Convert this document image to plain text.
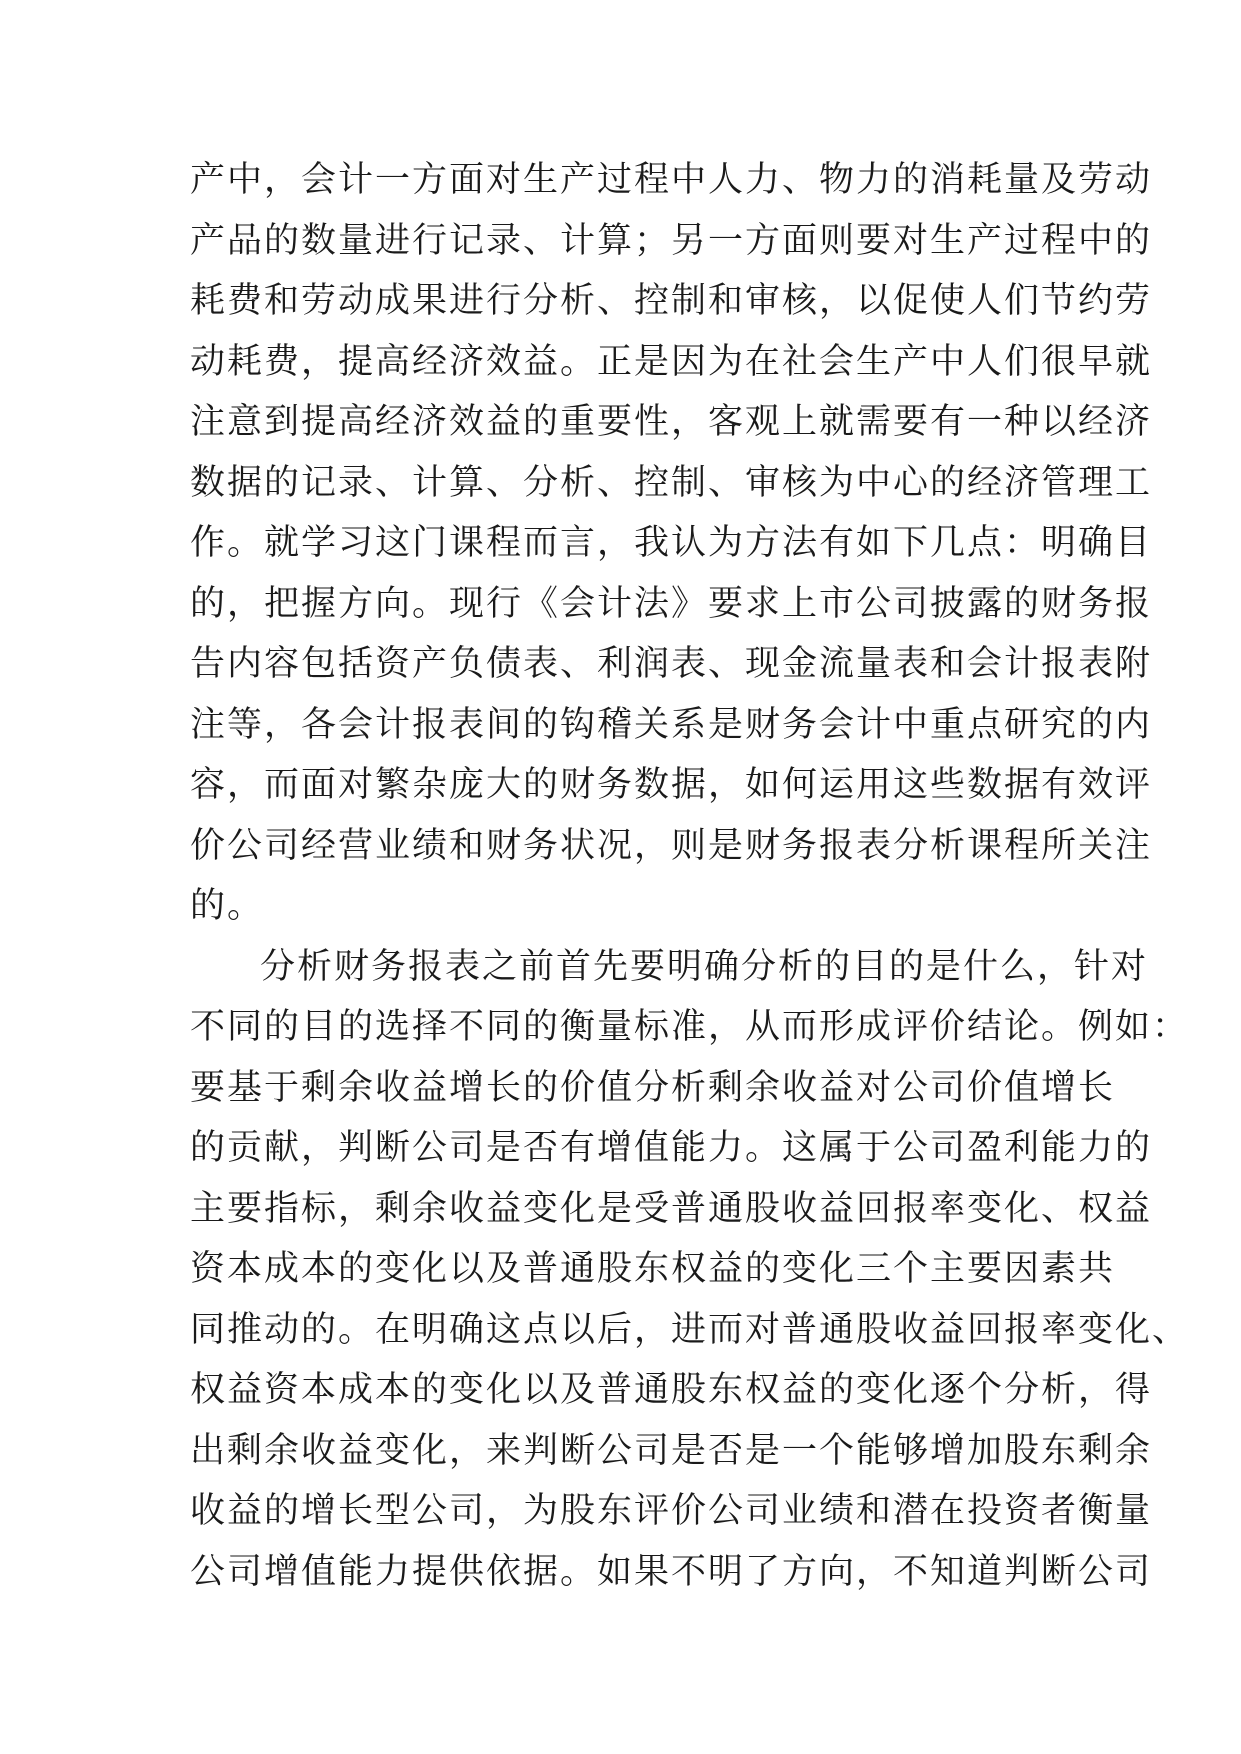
产中，会计一方面对生产过程中人力、物力的消耗量及劳动
产品的数量进行记录、计算；另一方面则要对生产过程中的
耗费和劳动成果进行分析、控制和审核，以促使人们节约劳
动耗费，提高经济效益。正是因为在社会生产中人们很早就
注意到提高经济效益的重要性，客观上就需要有一种以经济
数据的记录、计算、分析、控制、审核为中心的经济管理工
作。就学习这门课程而言，我认为方法有如下几点：明确目
的，把握方向。现行《会计法》要求上市公司披露的财务报
告内容包括资产负债表、利润表、现金流量表和会计报表附
注等，各会计报表间的钩稽关系是财务会计中重点研究的内
容，而面对繁杂庞大的财务数据，如何运用这些数据有效评
价公司经营业绩和财务状况，则是财务报表分析课程所关注
的。
分析财务报表之前首先要明确分析的目的是什么，针对
不同的目的选择不同的衡量标准，从而形成评价结论。例如：
要基于剩余收益增长的价值分析剩余收益对公司价值增长
的贡献，判断公司是否有增值能力。这属于公司盈利能力的
主要指标，剩余收益变化是受普通股收益回报率变化、权益
资本成本的变化以及普通股东权益的变化三个主要因素共
同推动的。在明确这点以后，进而对普通股收益回报率变化、
权益资本成本的变化以及普通股东权益的变化逐个分析，得
出剩余收益变化，来判断公司是否是一个能够增加股东剩余
收益的增长型公司，为股东评价公司业绩和潜在投资者衡量
公司增值能力提供依据。如果不明了方向，不知道判断公司
